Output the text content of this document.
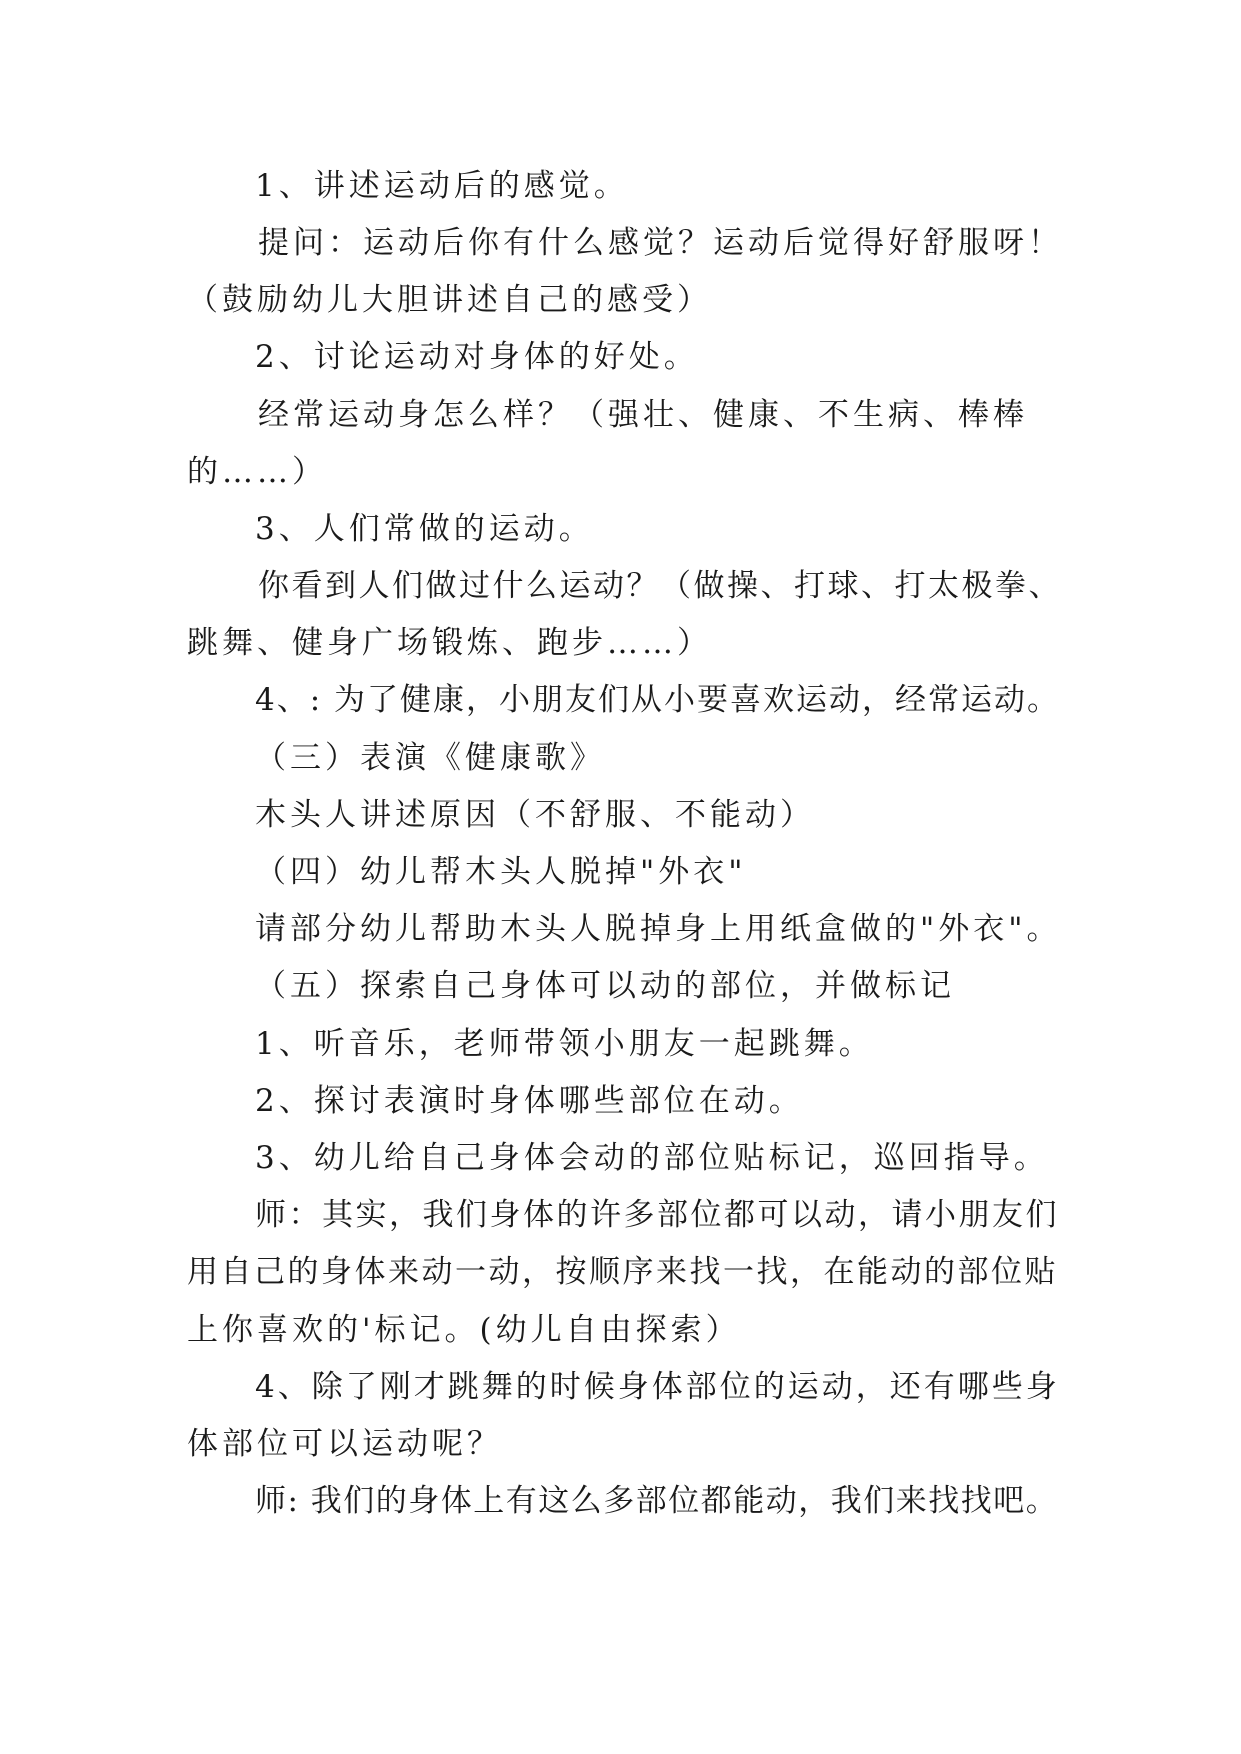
1、讲述运动后的感觉。
提问：运动后你有什么感觉？运动后觉得好舒服呀！
（鼓励幼儿大胆讲述自己的感受）
2、讨论运动对身体的好处。
经常运动身怎么样？（强壮、健康、不生病、棒棒
的……）
3、人们常做的运动。
你看到人们做过什么运动？（做操、打球、打太极拳、
跳舞、健身广场锻炼、跑步……）
4、: 为了健康，小朋友们从小要喜欢运动，经常运动。
（三）表演《健康歌》
木头人讲述原因（不舒服、不能动）
（四）幼儿帮木头人脱掉"外衣"
请部分幼儿帮助木头人脱掉身上用纸盒做的"外衣"。
（五）探索自己身体可以动的部位，并做标记
1、听音乐，老师带领小朋友一起跳舞。
2、探讨表演时身体哪些部位在动。
3、幼儿给自己身体会动的部位贴标记，巡回指导。
师：其实，我们身体的许多部位都可以动，请小朋友们
用自己的身体来动一动，按顺序来找一找，在能动的部位贴
上你喜欢的'标记。(幼儿自由探索）
4、除了刚才跳舞的时候身体部位的运动，还有哪些身
体部位可以运动呢？
师: 我们的身体上有这么多部位都能动，我们来找找吧。
